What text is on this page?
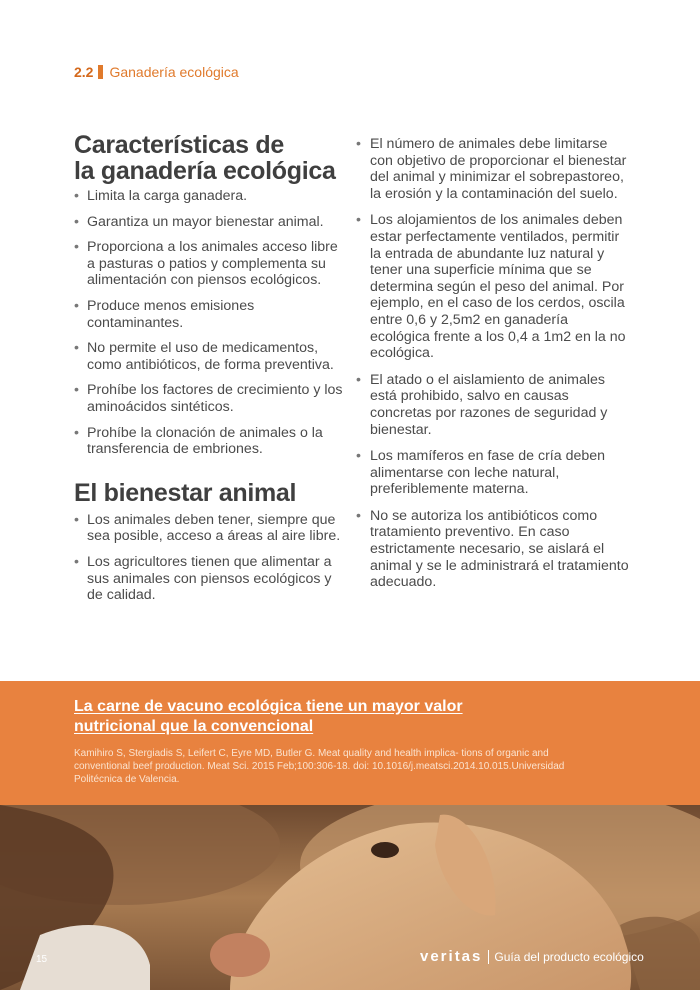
2.2 Ganadería ecológica
Características de
la ganadería ecológica
• Limita la carga ganadera.
• Garantiza un mayor bienestar animal.
• Proporciona a los animales acceso libre a pasturas o patios y complementa su alimentación con piensos ecológicos.
• Produce menos emisiones contaminantes.
• No permite el uso de medicamentos, como antibióticos, de forma preventiva.
• Prohíbe los factores de crecimiento y los aminoácidos sintéticos.
• Prohíbe la clonación de animales o la transferencia de embriones.
El bienestar animal
• Los animales deben tener, siempre que sea posible, acceso a áreas al aire libre.
• Los agricultores tienen que alimentar a sus animales con piensos ecológicos y de calidad.
• El número de animales debe limitarse con objetivo de proporcionar el bienestar del animal y minimizar el sobrepastoreo, la erosión y la contaminación del suelo.
• Los alojamientos de los animales deben estar perfectamente ventilados, permitir la entrada de abundante luz natural y tener una superficie mínima que se determina según el peso del animal. Por ejemplo, en el caso de los cerdos, oscila entre 0,6 y 2,5m2 en ganadería ecológica frente a los 0,4 a 1m2 en la no ecológica.
• El atado o el aislamiento de animales está prohibido, salvo en causas concretas por razones de seguridad y bienestar.
• Los mamíferos en fase de cría deben alimentarse con leche natural, preferiblemente materna.
• No se autoriza los antibióticos como tratamiento preventivo. En caso estrictamente necesario, se aislará el animal y se le administrará el tratamiento adecuado.
La carne de vacuno ecológica tiene un mayor valor nutricional que la convencional
Kamihiro S, Stergiadis S, Leifert C, Eyre MD, Butler G. Meat quality and health implica- tions of organic and conventional beef production. Meat Sci. 2015 Feb;100:306-18. doi: 10.1016/j.meatsci.2014.10.015.Universidad Politécnica de Valencia.
15	veritas Guía del producto ecológico
